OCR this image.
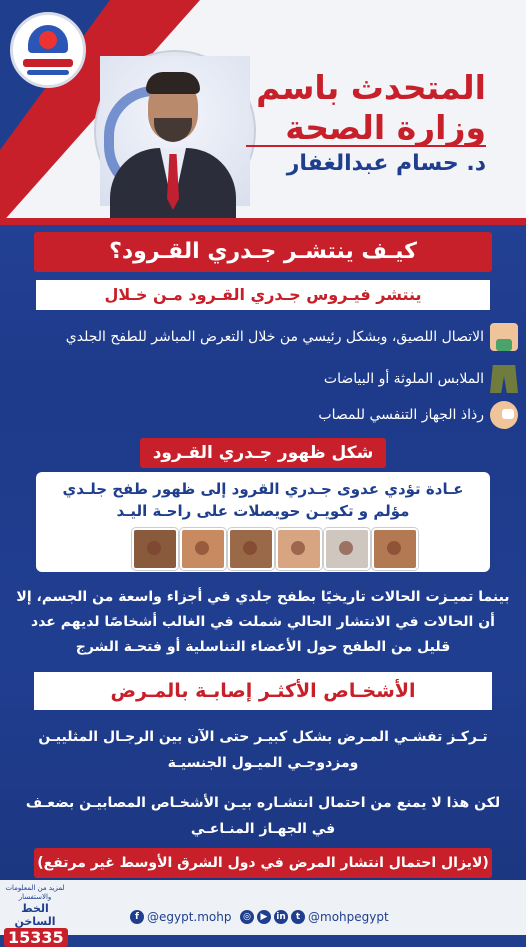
المتحدث باسم
وزارة الصحة
د. حسام عبدالغفار
كيـف ينتشـر جـدري القـرود؟
ينتشر فيـروس جـدري القـرود مـن خـلال
الاتصال اللصيق، وبشكل رئيسي من خلال التعرض المباشر للطفح الجلدي
الملابس الملوثة أو البياضات
رذاذ الجهاز التنفسي للمصاب
شكل ظهور جـدري القـرود
عـادة تؤدي عدوى جـدري القرود إلى ظهور طفح جلـدي مؤلم و تكويـن حويصلات على راحـة اليـد
بينما تميـزت الحالات تاريخيًا بطفح جلدي في أجزاء واسعة من الجسم، إلا أن الحالات في الانتشار الحالي شملت في الغالب أشخاصًا لديهم عدد قليل من الطفح حول الأعضاء التناسلية أو فتحـة الشرج
الأشخـاص الأكثـر إصابـة بالمـرض
تـركـز تفشـي المـرض بشكل كبيـر حتى الآن بين الرجـال المثلييـن ومزدوجـي الميـول الجنسيـة
لكن هذا لا يمنع من احتمال انتشـاره بيـن الأشخـاص المصابيـن بضعـف في الجهـاز المنـاعـي
(لايزال احتمال انتشار المرض في دول الشرق الأوسط غير مرتفع)
لمزيد من المعلومات والاستفسار
الخط الساخن
15335
f @egypt.mohp	◎	▶ in	t @mohpegypt
